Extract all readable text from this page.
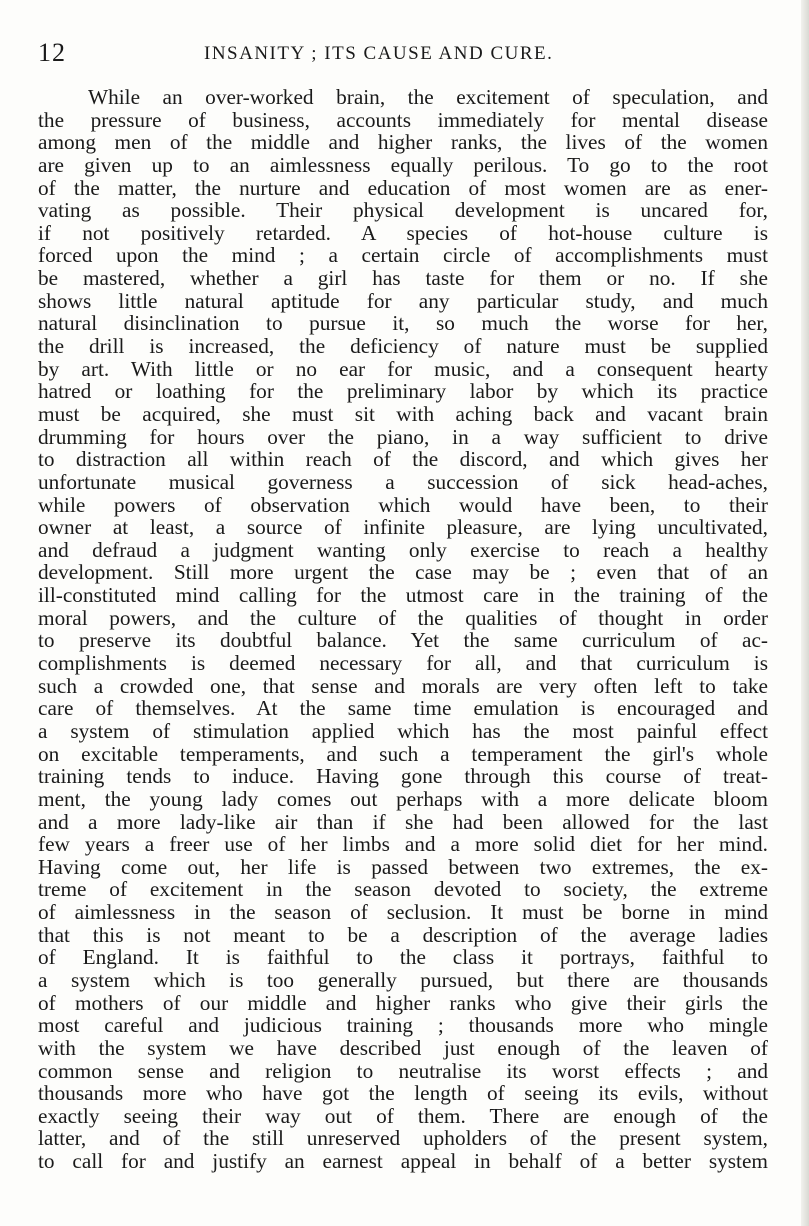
12	INSANITY ; ITS CAUSE AND CURE.
While an over-worked brain, the excitement of speculation, and
the pressure of business, accounts immediately for mental disease
among men of the middle and higher ranks, the lives of the women
are given up to an aimlessness equally perilous. To go to the root
of the matter, the nurture and education of most women are as ener-
vating as possible. Their physical development is uncared for,
if not positively retarded. A species of hot-house culture is
forced upon the mind ; a certain circle of accomplishments must
be mastered, whether a girl has taste for them or no. If she
shows little natural aptitude for any particular study, and much
natural disinclination to pursue it, so much the worse for her,
the drill is increased, the deficiency of nature must be supplied
by art. With little or no ear for music, and a consequent hearty
hatred or loathing for the preliminary labor by which its practice
must be acquired, she must sit with aching back and vacant brain
drumming for hours over the piano, in a way sufficient to drive
to distraction all within reach of the discord, and which gives her
unfortunate musical governess a succession of sick head-aches,
while powers of observation which would have been, to their
owner at least, a source of infinite pleasure, are lying uncultivated,
and defraud a judgment wanting only exercise to reach a healthy
development. Still more urgent the case may be ; even that of an
ill-constituted mind calling for the utmost care in the training of the
moral powers, and the culture of the qualities of thought in order
to preserve its doubtful balance. Yet the same curriculum of ac-
complishments is deemed necessary for all, and that curriculum is
such a crowded one, that sense and morals are very often left to take
care of themselves. At the same time emulation is encouraged and
a system of stimulation applied which has the most painful effect
on excitable temperaments, and such a temperament the girl's whole
training tends to induce. Having gone through this course of treat-
ment, the young lady comes out perhaps with a more delicate bloom
and a more lady-like air than if she had been allowed for the last
few years a freer use of her limbs and a more solid diet for her mind.
Having come out, her life is passed between two extremes, the ex-
treme of excitement in the season devoted to society, the extreme
of aimlessness in the season of seclusion. It must be borne in mind
that this is not meant to be a description of the average ladies
of England. It is faithful to the class it portrays, faithful to
a system which is too generally pursued, but there are thousands
of mothers of our middle and higher ranks who give their girls the
most careful and judicious training ; thousands more who mingle
with the system we have described just enough of the leaven of
common sense and religion to neutralise its worst effects ; and
thousands more who have got the length of seeing its evils, without
exactly seeing their way out of them. There are enough of the
latter, and of the still unreserved upholders of the present system,
to call for and justify an earnest appeal in behalf of a better system
